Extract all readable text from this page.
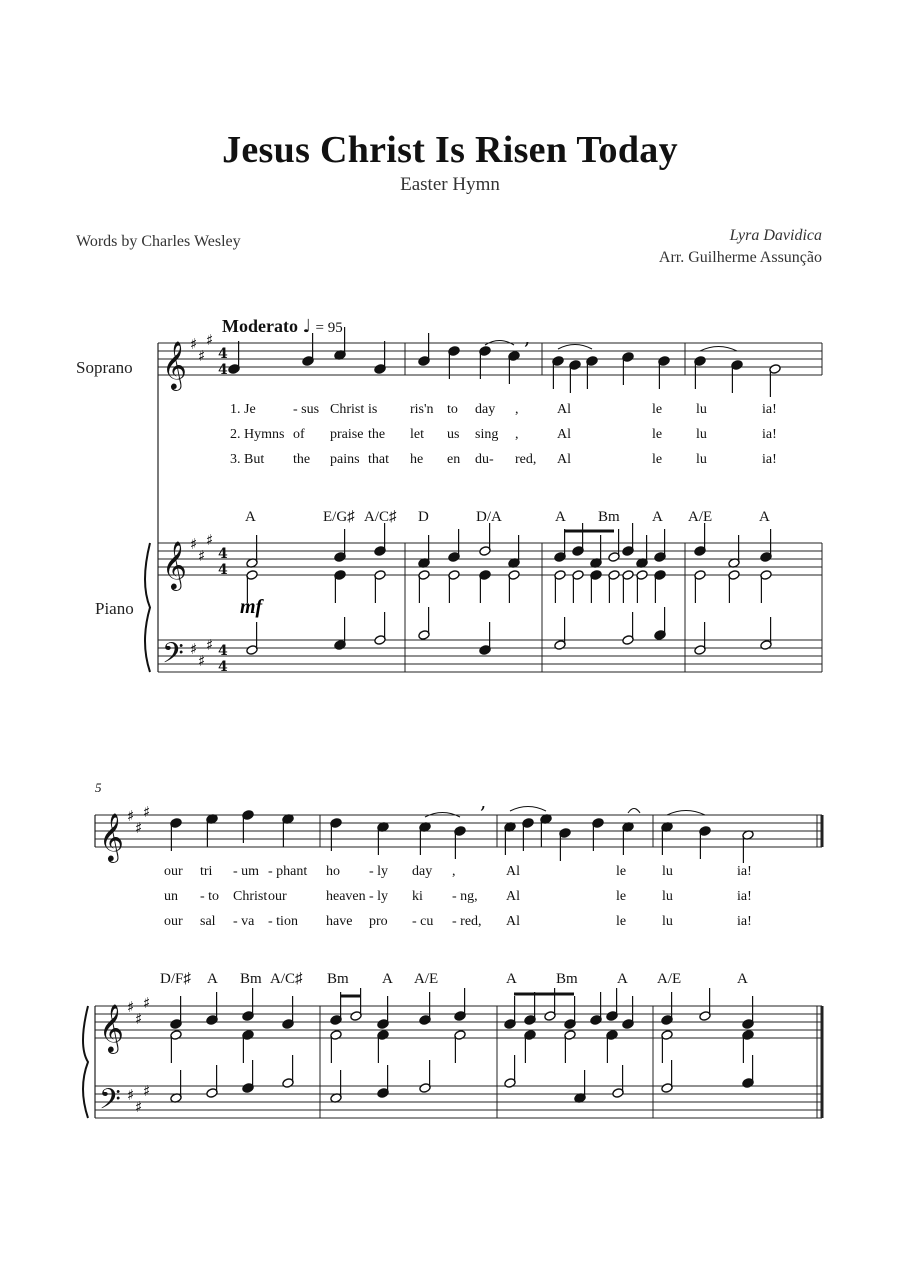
Jesus Christ Is Risen Today
Easter Hymn
Words by Charles Wesley	Lyra Davidica
Arr. Guilherme Assunção
Moderato ♩ = 95
Soprano
Piano
5
1. Je	- sus Christ is ris'n to day ,	Al	le lu	ia!
2. Hymns of praise the let us sing ,	Al	le lu	ia!
3. But the pains that he en du- red, Al	le lu	ia!
our tri - um - phant ho - ly day ,	Al	le	lu	ia!
un - to Christ our	heaven - ly ki - ng, Al	le	lu	ia!
our sal - va - tion have pro - cu - red, Al	le	lu	ia!
A	E/G♯ A/C♯ D	D/A	A Bm A A/E	A
D/F♯ A Bm A/C♯ Bm A A/E	A	Bm	A A/E	A
𝄞 ♯
♯
♯
4
4
𝄞 ♯
♯
♯
4
4
𝄢 ♯
♯
♯ 4
4
,
𝄞 ♯
♯
♯
𝄞 ♯
♯
♯
𝄢 ♯
♯
♯
,
mf
